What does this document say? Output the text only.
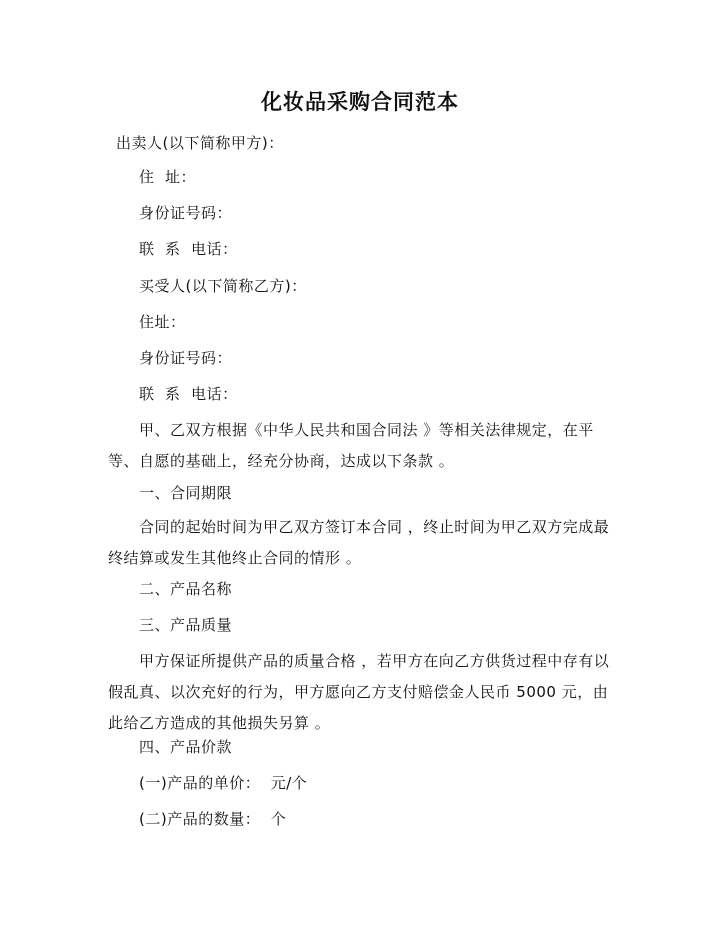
化妆品采购合同范本
出卖人(以下简称甲方)：
住  址：
身份证号码：
联  系  电话：
买受人(以下简称乙方)：
住址：
身份证号码：
联  系  电话：
甲、乙双方根据《中华人民共和国合同法 》等相关法律规定，在平等、自愿的基础上，经充分协商，达成以下条款 。
一、合同期限
合同的起始时间为甲乙双方签订本合同 ，终止时间为甲乙双方完成最终结算或发生其他终止合同的情形 。
二、产品名称
三、产品质量
甲方保证所提供产品的质量合格 ，若甲方在向乙方供货过程中存有以假乱真、以次充好的行为，甲方愿向乙方支付赔偿金人民币 5000 元，由此给乙方造成的其他损失另算 。
四、产品价款
(一)产品的单价：  元/个
(二)产品的数量：  个
